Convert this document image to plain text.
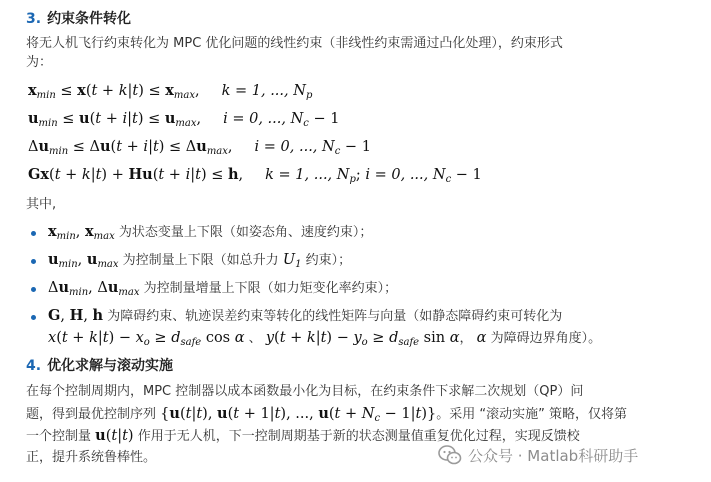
3. 约束条件转化
将无人机飞行约束转化为 MPC 优化问题的线性约束（非线性约束需通过凸化处理），约束形式
为：
$x_{min} \le x(t + k|t) \le x_{max}$, k = 1, ..., $N_p$
$u_{min} \le u(t + i|t) \le u_{max}$, i = 0, ..., $N_c - 1$
$\Delta u_{min} \le \Delta u(t + i|t) \le \Delta u_{max}$, i = 0, ..., $N_c - 1$
Gx(t + k|t) + Hu(t + i|t) ≤ h, k = 1, ..., $N_p$; i = 0, ..., $N_c - 1$
其中,
$x_{min}$, $x_{max}$ 为状态变量上下限（如姿态角、速度约束）；
$u_{min}$, $u_{max}$ 为控制量上下限（如总升力 $U_1$ 约束）；
$\Delta u_{min}$, $\Delta u_{max}$ 为控制量增量上下限（如力矩变化率约束）；
G, H, h 为障碍约束、轨迹误差约束等转化的线性矩阵与向量（如静态障碍约束可转化为
$x(t + k|t) - x_o \ge d_{safe}$ cos α 、 $y(t + k|t) - y_o \ge d_{safe}$ sin α， α 为障碍边界角度）。
4. 优化求解与滚动实施
在每个控制周期内，MPC 控制器以成本函数最小化为目标，在约束条件下求解二次规划（QP）问
题，得到最优控制序列 {u(t|t), u(t + 1|t), ..., $u(t + N_c - 1|t)$}。采用 “滚动实施” 策略，仅将第
一个控制量 u(t|t) 作用于无人机，下一控制周期基于新的状态测量值重复优化过程，实现反馈校
正，提升系统鲁棒性。	公众号 · Matlab科研助手
